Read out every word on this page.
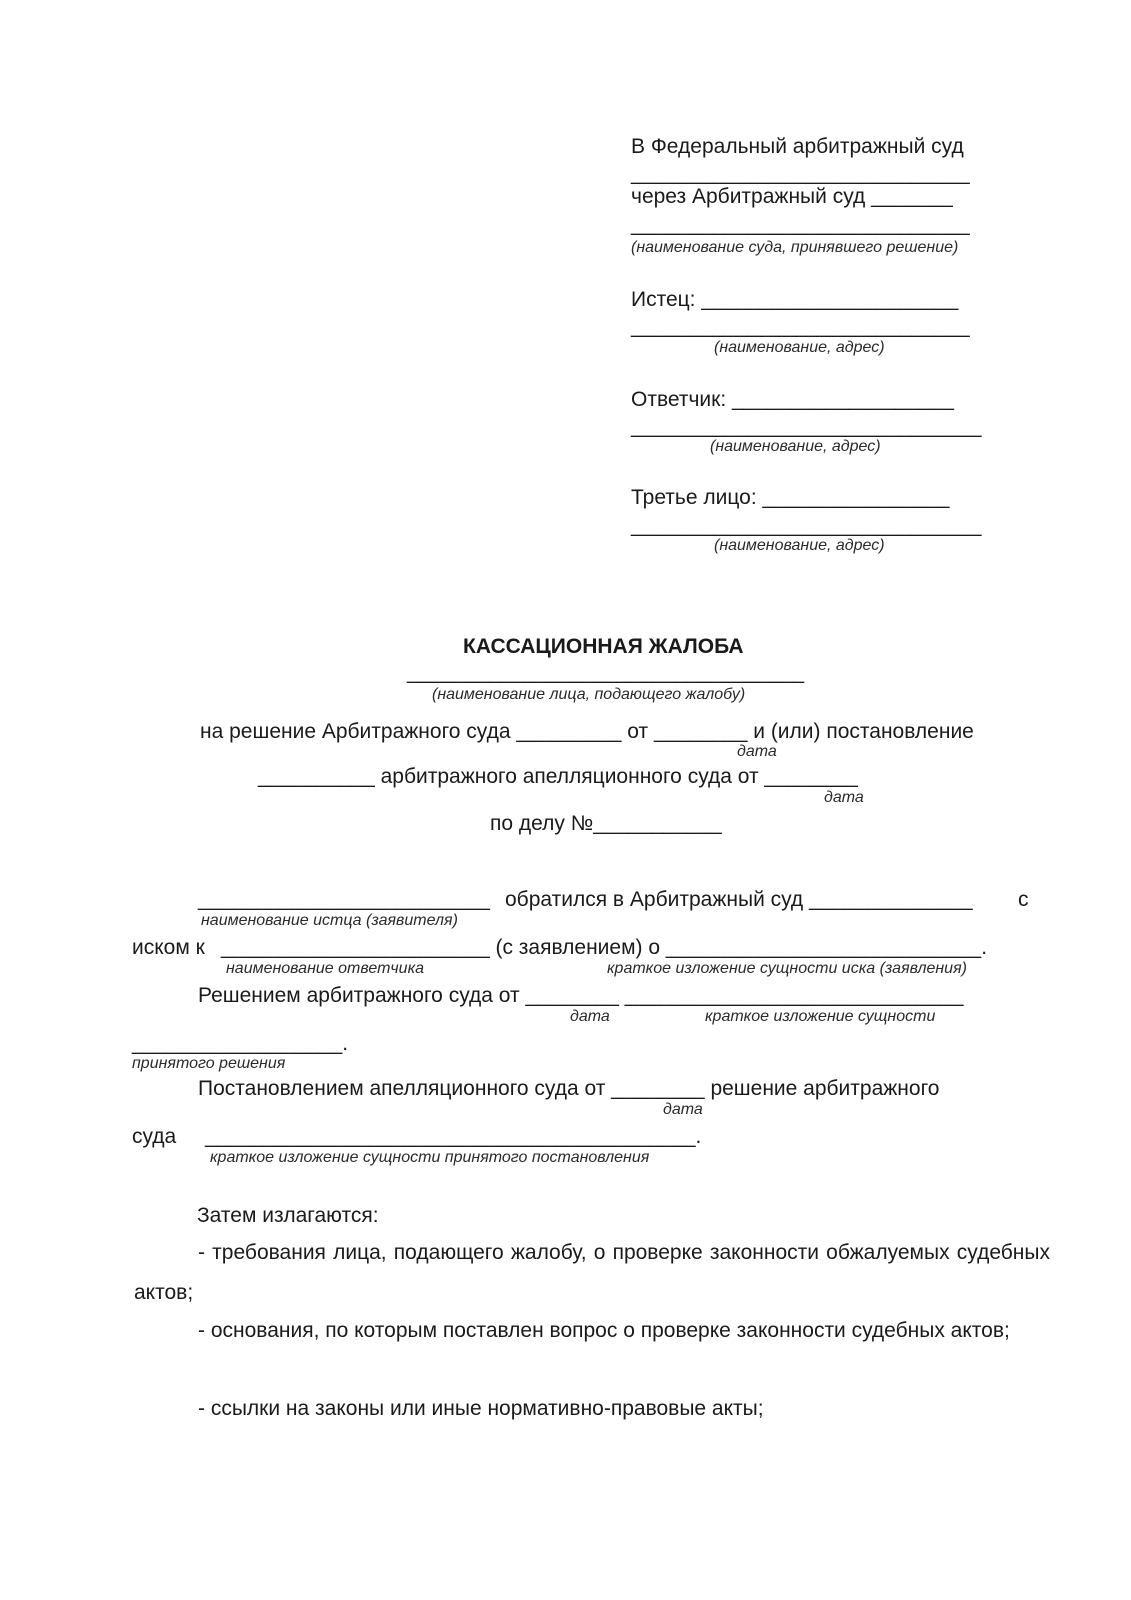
В Федеральный арбитражный суд
_____________________________
через Арбитражный суд _______
_____________________________
(наименование суда, принявшего решение)
Истец: ______________________
_____________________________
(наименование, адрес)
Ответчик: ___________________
______________________________
(наименование, адрес)
Третье лицо: ________________
______________________________
(наименование, адрес)
КАССАЦИОННАЯ ЖАЛОБА
__________________________________
(наименование лица, подающего жалобу)
на решение Арбитражного суда _________ от ________ и (или) постановление
дата
__________ арбитражного апелляционного суда от ________
дата
по делу №___________
_________________________ обратился в Арбитражный суд ______________ с
наименование истца (заявителя)
иском к _______________________ (с заявлением) о ___________________________.
наименование ответчика	краткое изложение сущности иска (заявления)
Решением арбитражного суда от ________ _____________________________
дата	краткое изложение сущности
__________________.
принятого решения
Постановлением апелляционного суда от ________ решение арбитражного
дата
суда __________________________________________.
краткое изложение сущности принятого постановления
Затем излагаются:
- требования лица, подающего жалобу, о проверке законности обжалуемых судебных актов;
- основания, по которым поставлен вопрос о проверке законности судебных актов;
- ссылки на законы или иные нормативно-правовые акты;
